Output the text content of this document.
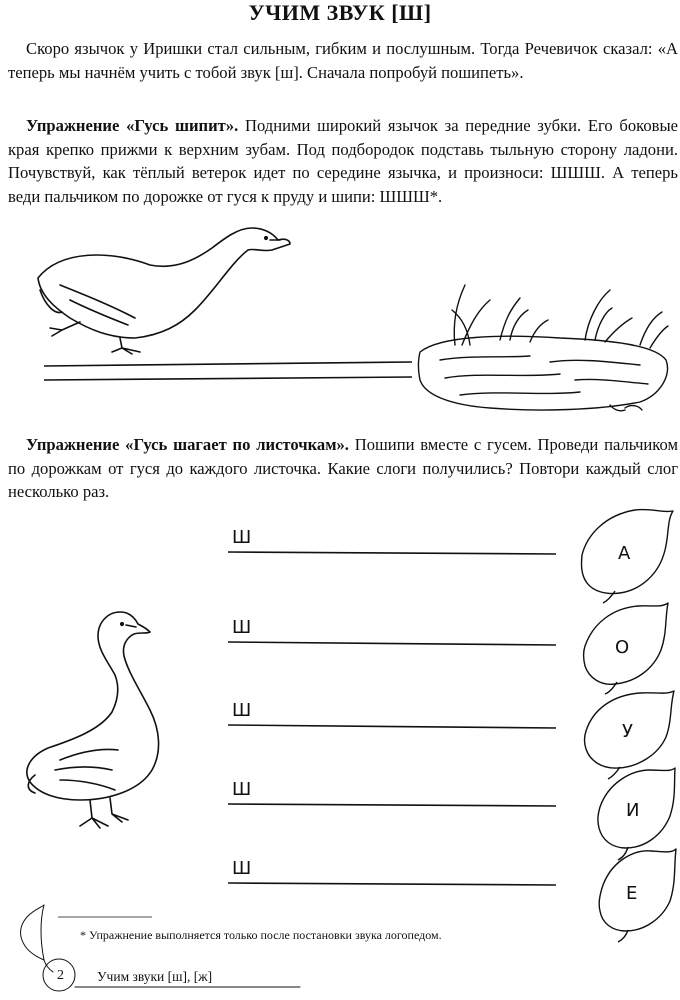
УЧИМ ЗВУК [Ш]

Скоро язычок у Иришки стал сильным, гибким и послушным. Тогда Речевичок сказал: «А теперь мы начнём учить с тобой звук [ш]. Сначала попробуй пошипеть».

Упражнение «Гусь шипит». Подними широкий язычок за передние зубки. Его боковые края крепко прижми к верхним зубам. Под подбородок подставь тыльную сторону ладони. Почувствуй, как тёплый ветерок идет по середине язычка, и произноси: ШШШ. А теперь веди пальчиком по дорожке от гуся к пруду и шипи: ШШШ*.

Упражнение «Гусь шагает по листочкам». Пошипи вместе с гусем. Проведи пальчиком по дорожкам от гуся до каждого листочка. Какие слоги получились? Повтори каждый слог несколько раз.

Ш
Ш
Ш
Ш
Ш
А
О
У
И
Е
* Упражнение выполняется только после постановки звука логопедом.
2 Учим звуки [ш], [ж]
